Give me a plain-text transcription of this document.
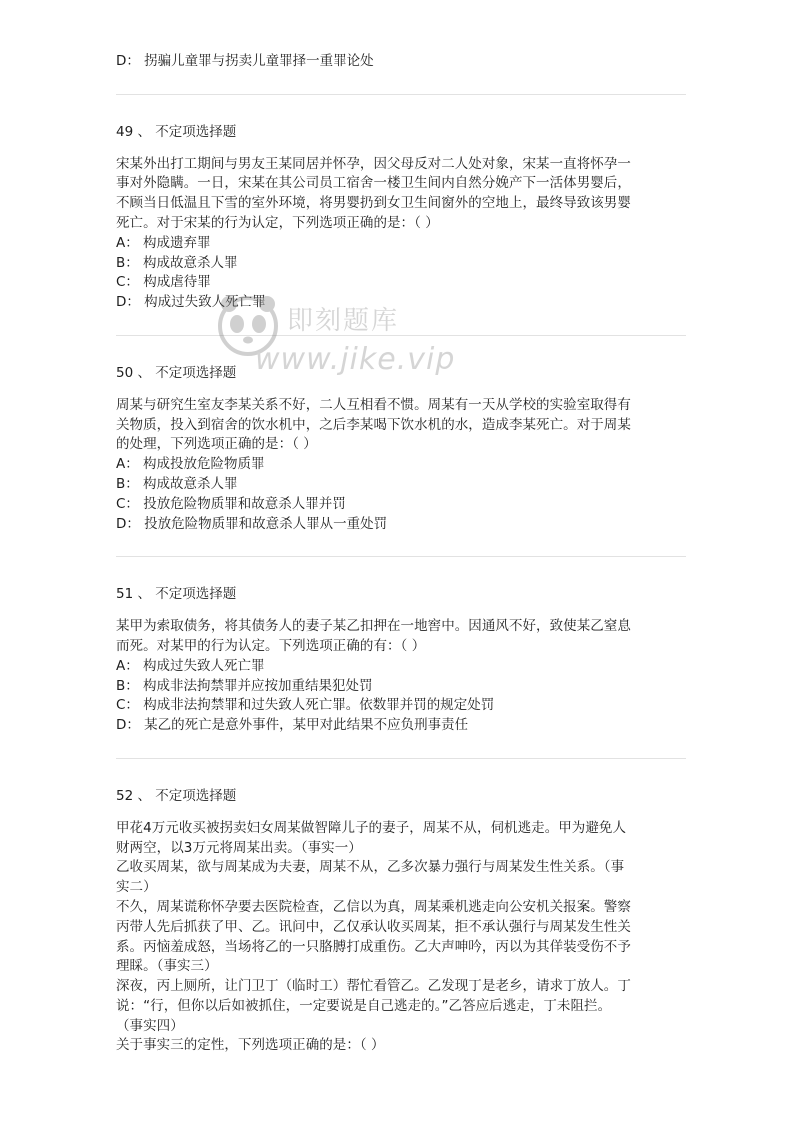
D： 拐骗儿童罪与拐卖儿童罪择一重罪论处
49 、 不定项选择题
宋某外出打工期间与男友王某同居并怀孕，因父母反对二人处对象，宋某一直将怀孕一
事对外隐瞒。一日，宋某在其公司员工宿舍一楼卫生间内自然分娩产下一活体男婴后，
不顾当日低温且下雪的室外环境，将男婴扔到女卫生间窗外的空地上，最终导致该男婴
死亡。对于宋某的行为认定，下列选项正确的是：（ ）
A： 构成遗弃罪
B： 构成故意杀人罪
C： 构成虐待罪
D： 构成过失致人死亡罪
50 、 不定项选择题
周某与研究生室友李某关系不好，二人互相看不惯。周某有一天从学校的实验室取得有
关物质，投入到宿舍的饮水机中，之后李某喝下饮水机的水，造成李某死亡。对于周某
的处理，下列选项正确的是：（ ）
A： 构成投放危险物质罪
B： 构成故意杀人罪
C： 投放危险物质罪和故意杀人罪并罚
D： 投放危险物质罪和故意杀人罪从一重处罚
51 、 不定项选择题
某甲为索取债务，将其债务人的妻子某乙扣押在一地窖中。因通风不好，致使某乙窒息
而死。对某甲的行为认定。下列选项正确的有：（ ）
A： 构成过失致人死亡罪
B： 构成非法拘禁罪并应按加重结果犯处罚
C： 构成非法拘禁罪和过失致人死亡罪。依数罪并罚的规定处罚
D： 某乙的死亡是意外事件，某甲对此结果不应负刑事责任
52 、 不定项选择题
甲花4万元收买被拐卖妇女周某做智障儿子的妻子，周某不从，伺机逃走。甲为避免人
财两空，以3万元将周某出卖。（事实一）
乙收买周某，欲与周某成为夫妻，周某不从，乙多次暴力强行与周某发生性关系。（事
实二）
不久，周某谎称怀孕要去医院检查，乙信以为真，周某乘机逃走向公安机关报案。警察
丙带人先后抓获了甲、乙。讯问中，乙仅承认收买周某，拒不承认强行与周某发生性关
系。丙恼羞成怒，当场将乙的一只胳膊打成重伤。乙大声呻吟，丙以为其佯装受伤不予
理睬。（事实三）
深夜，丙上厕所，让门卫丁（临时工）帮忙看管乙。乙发现丁是老乡，请求丁放人。丁
说：“行，但你以后如被抓住，一定要说是自己逃走的。”乙答应后逃走，丁未阻拦。
（事实四）
关于事实三的定性，下列选项正确的是：（ ）
即刻题库
www.jike.vip
